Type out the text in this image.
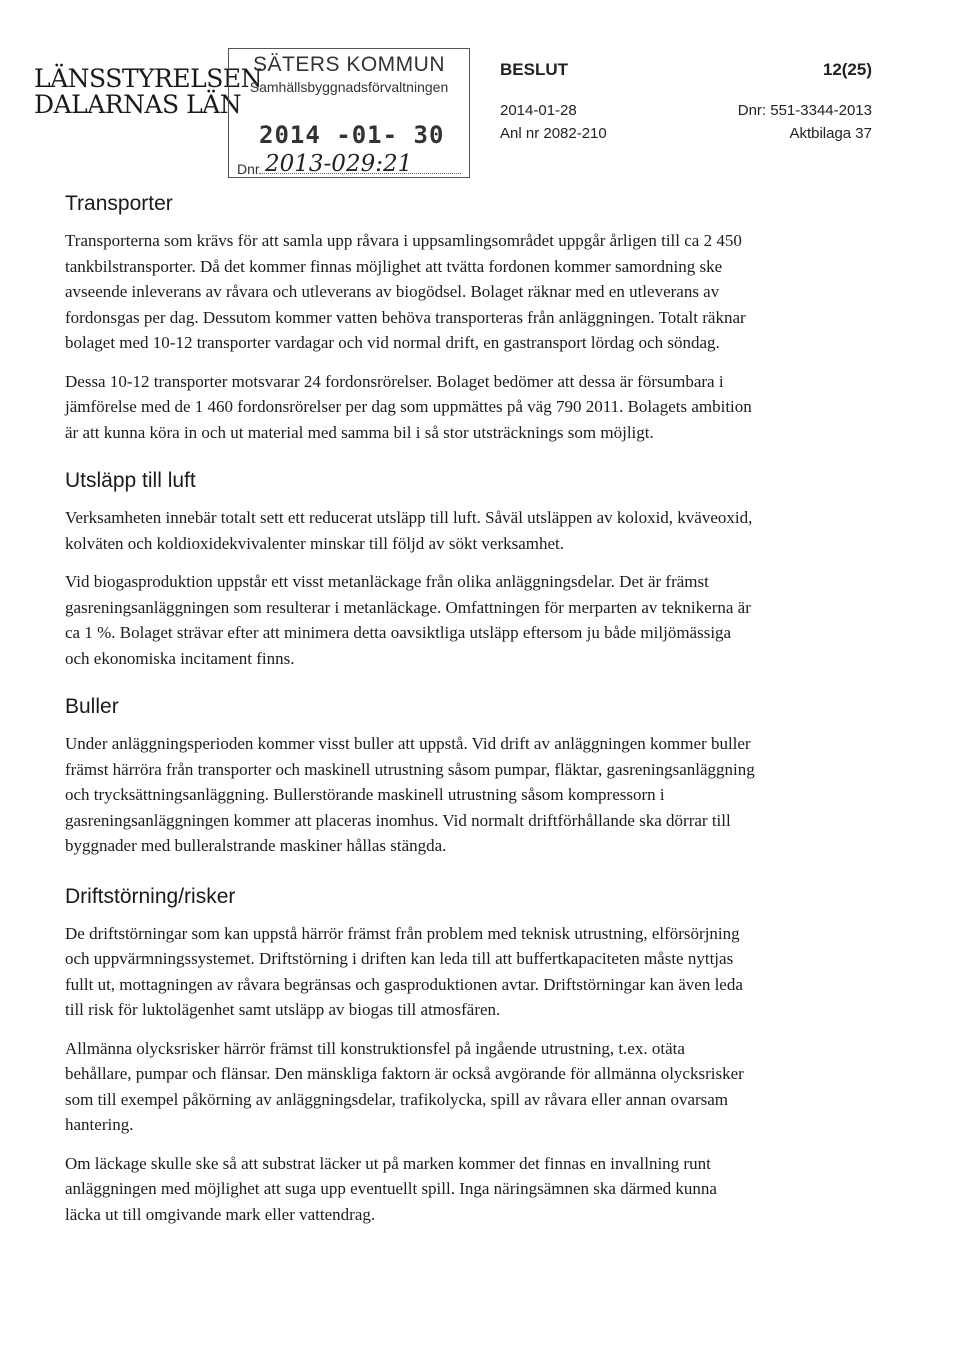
LÄNSSTYRELSEN
DALARNAS LÄN
SÄTERS KOMMUN
Samhällsbyggnadsförvaltningen
2014 -01- 30
Dnr 2013-029:21
BESLUT	12(25)
2014-01-28
Anl nr 2082-210
Dnr: 551-3344-2013
Aktbilaga 37
Transporter

Transporterna som krävs för att samla upp råvara i uppsamlingsområdet uppgår årligen till ca 2 450 tankbilstransporter. Då det kommer finnas möjlighet att tvätta fordonen kommer samordning ske avseende inleverans av råvara och utleverans av biogödsel. Bolaget räknar med en utleverans av fordonsgas per dag. Dessutom kommer vatten behöva transporteras från anläggningen. Totalt räknar bolaget med 10-12 transporter vardagar och vid normal drift, en gastransport lördag och söndag.

Dessa 10-12 transporter motsvarar 24 fordonsrörelser. Bolaget bedömer att dessa är försumbara i jämförelse med de 1 460 fordonsrörelser per dag som uppmättes på väg 790 2011. Bolagets ambition är att kunna köra in och ut material med samma bil i så stor utsträcknings som möjligt.

Utsläpp till luft

Verksamheten innebär totalt sett ett reducerat utsläpp till luft. Såväl utsläppen av koloxid, kväveoxid, kolväten och koldioxidekvivalenter minskar till följd av sökt verksamhet.

Vid biogasproduktion uppstår ett visst metanläckage från olika anläggningsdelar. Det är främst gasreningsanläggningen som resulterar i metanläckage. Omfattningen för merparten av teknikerna är ca 1 %. Bolaget strävar efter att minimera detta oavsiktliga utsläpp eftersom ju både miljömässiga och ekonomiska incitament finns.

Buller

Under anläggningsperioden kommer visst buller att uppstå. Vid drift av anläggningen kommer buller främst härröra från transporter och maskinell utrustning såsom pumpar, fläktar, gasreningsanläggning och trycksättningsanläggning. Bullerstörande maskinell utrustning såsom kompressorn i gasreningsanläggningen kommer att placeras inomhus. Vid normalt driftförhållande ska dörrar till byggnader med bulleralstrande maskiner hållas stängda.

Driftstörning/risker

De driftstörningar som kan uppstå härrör främst från problem med teknisk utrustning, elförsörjning och uppvärmningssystemet. Driftstörning i driften kan leda till att buffertkapaciteten måste nyttjas fullt ut, mottagningen av råvara begränsas och gasproduktionen avtar. Driftstörningar kan även leda till risk för luktolägenhet samt utsläpp av biogas till atmosfären.

Allmänna olycksrisker härrör främst till konstruktionsfel på ingående utrustning, t.ex. otäta behållare, pumpar och flänsar. Den mänskliga faktorn är också avgörande för allmänna olycksrisker som till exempel påkörning av anläggningsdelar, trafikolycka, spill av råvara eller annan ovarsam hantering.

Om läckage skulle ske så att substrat läcker ut på marken kommer det finnas en invallning runt anläggningen med möjlighet att suga upp eventuellt spill. Inga näringsämnen ska därmed kunna läcka ut till omgivande mark eller vattendrag.
